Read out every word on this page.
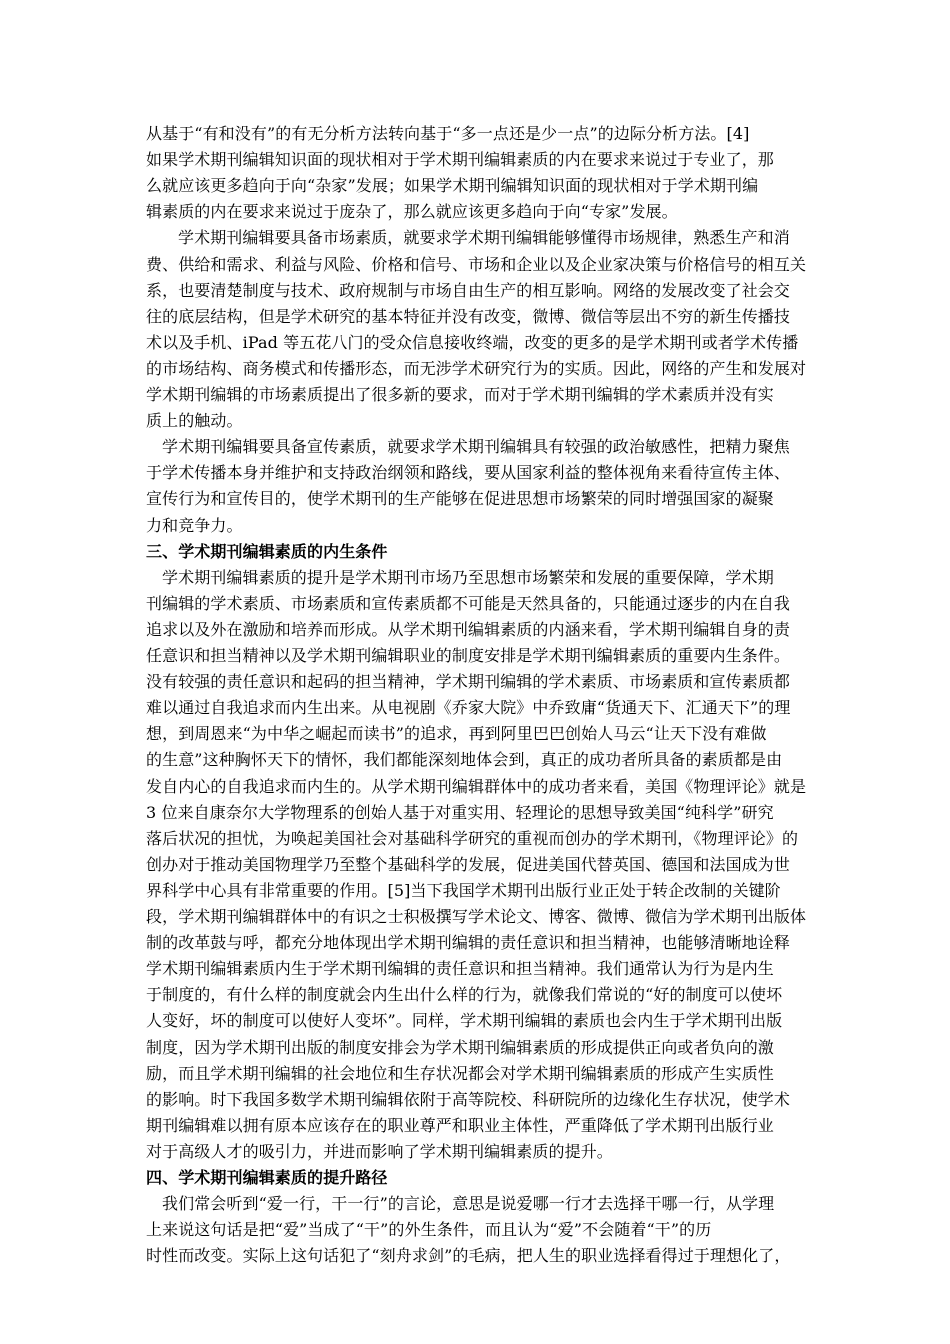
从基于“有和没有”的有无分析方法转向基于“多一点还是少一点”的边际分析方法。[4]
如果学术期刊编辑知识面的现状相对于学术期刊编辑素质的内在要求来说过于专业了，那
么就应该更多趋向于向“杂家”发展；如果学术期刊编辑知识面的现状相对于学术期刊编
辑素质的内在要求来说过于庞杂了，那么就应该更多趋向于向“专家”发展。
学术期刊编辑要具备市场素质，就要求学术期刊编辑能够懂得市场规律，熟悉生产和消
费、供给和需求、利益与风险、价格和信号、市场和企业以及企业家决策与价格信号的相互关
系，也要清楚制度与技术、政府规制与市场自由生产的相互影响。网络的发展改变了社会交
往的底层结构，但是学术研究的基本特征并没有改变，微博、微信等层出不穷的新生传播技
术以及手机、iPad 等五花八门的受众信息接收终端，改变的更多的是学术期刊或者学术传播
的市场结构、商务模式和传播形态，而无涉学术研究行为的实质。因此，网络的产生和发展对
学术期刊编辑的市场素质提出了很多新的要求，而对于学术期刊编辑的学术素质并没有实
质上的触动。
学术期刊编辑要具备宣传素质，就要求学术期刊编辑具有较强的政治敏感性，把精力聚焦
于学术传播本身并维护和支持政治纲领和路线，要从国家利益的整体视角来看待宣传主体、
宣传行为和宣传目的，使学术期刊的生产能够在促进思想市场繁荣的同时增强国家的凝聚
力和竞争力。
三、学术期刊编辑素质的内生条件
学术期刊编辑素质的提升是学术期刊市场乃至思想市场繁荣和发展的重要保障，学术期
刊编辑的学术素质、市场素质和宣传素质都不可能是天然具备的，只能通过逐步的内在自我
追求以及外在激励和培养而形成。从学术期刊编辑素质的内涵来看，学术期刊编辑自身的责
任意识和担当精神以及学术期刊编辑职业的制度安排是学术期刊编辑素质的重要内生条件。
没有较强的责任意识和起码的担当精神，学术期刊编辑的学术素质、市场素质和宣传素质都
难以通过自我追求而内生出来。从电视剧《乔家大院》中乔致庸“货通天下、汇通天下”的理
想，到周恩来“为中华之崛起而读书”的追求，再到阿里巴巴创始人马云“让天下没有难做
的生意”这种胸怀天下的情怀，我们都能深刻地体会到，真正的成功者所具备的素质都是由
发自内心的自我追求而内生的。从学术期刊编辑群体中的成功者来看，美国《物理评论》就是
3 位来自康奈尔大学物理系的创始人基于对重实用、轻理论的思想导致美国“纯科学”研究
落后状况的担忧，为唤起美国社会对基础科学研究的重视而创办的学术期刊，《物理评论》的
创办对于推动美国物理学乃至整个基础科学的发展，促进美国代替英国、德国和法国成为世
界科学中心具有非常重要的作用。[5]当下我国学术期刊出版行业正处于转企改制的关键阶
段，学术期刊编辑群体中的有识之士积极撰写学术论文、博客、微博、微信为学术期刊出版体
制的改革鼓与呼，都充分地体现出学术期刊编辑的责任意识和担当精神，也能够清晰地诠释
学术期刊编辑素质内生于学术期刊编辑的责任意识和担当精神。我们通常认为行为是内生
于制度的，有什么样的制度就会内生出什么样的行为，就像我们常说的“好的制度可以使坏
人变好，坏的制度可以使好人变坏”。同样，学术期刊编辑的素质也会内生于学术期刊出版
制度，因为学术期刊出版的制度安排会为学术期刊编辑素质的形成提供正向或者负向的激
励，而且学术期刊编辑的社会地位和生存状况都会对学术期刊编辑素质的形成产生实质性
的影响。时下我国多数学术期刊编辑依附于高等院校、科研院所的边缘化生存状况，使学术
期刊编辑难以拥有原本应该存在的职业尊严和职业主体性，严重降低了学术期刊出版行业
对于高级人才的吸引力，并进而影响了学术期刊编辑素质的提升。
四、学术期刊编辑素质的提升路径
我们常会听到“爱一行，干一行”的言论，意思是说爱哪一行才去选择干哪一行，从学理
上来说这句话是把“爱”当成了“干”的外生条件，而且认为“爱”不会随着“干”的历
时性而改变。实际上这句话犯了“刻舟求剑”的毛病，把人生的职业选择看得过于理想化了，
